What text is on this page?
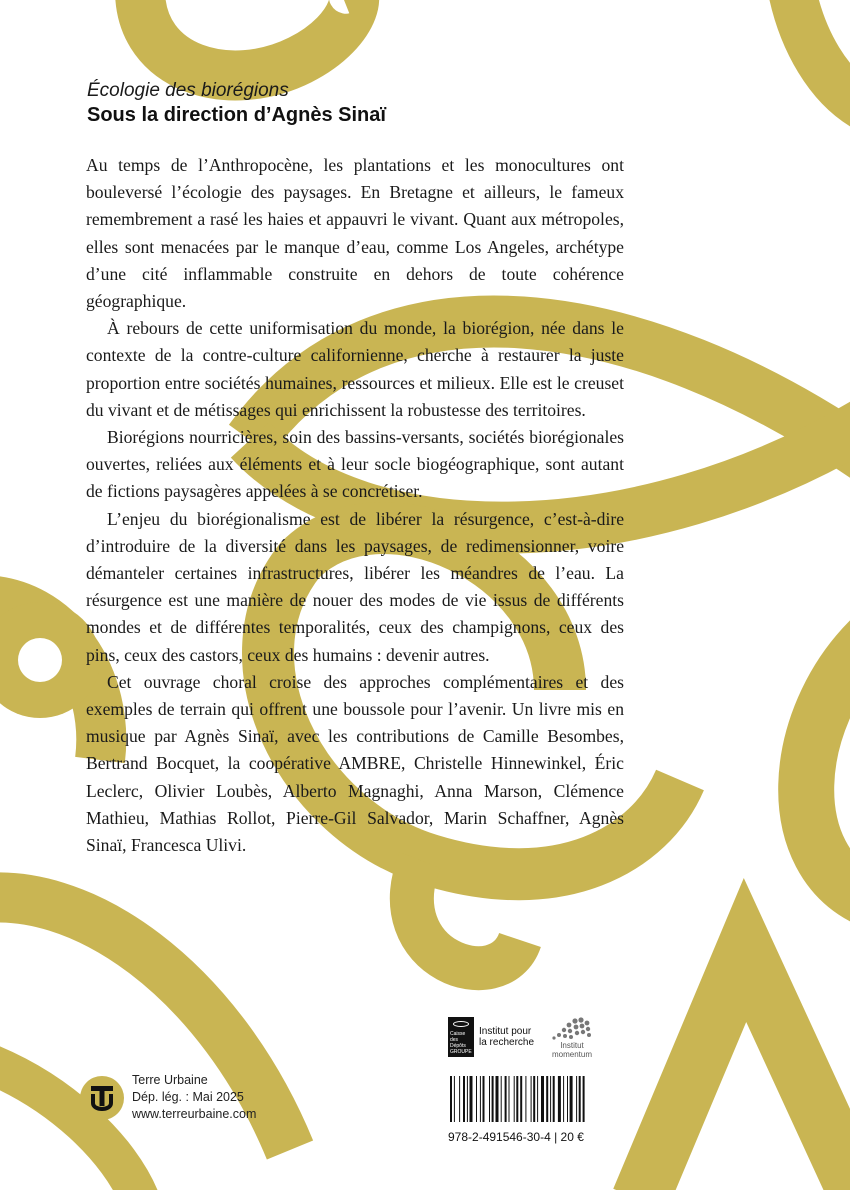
Écologie des biorégions
Sous la direction d’Agnès Sinaï

Au temps de l’Anthropocène, les plantations et les monocultures ont bouleversé l’écologie des paysages. En Bretagne et ailleurs, le fameux remembrement a rasé les haies et appauvri le vivant. Quant aux métropoles, elles sont menacées par le manque d’eau, comme Los Angeles, archétype d’une cité inflammable construite en dehors de toute cohérence géographique.

À rebours de cette uniformisation du monde, la biorégion, née dans le contexte de la contre-culture californienne, cherche à restaurer la juste proportion entre sociétés humaines, ressources et milieux. Elle est le creuset du vivant et de métissages qui enrichissent la robustesse des territoires.

Biorégions nourricières, soin des bassins-versants, sociétés biorégionales ouvertes, reliées aux éléments et à leur socle biogéographique, sont autant de fictions paysagères appelées à se concrétiser.

L’enjeu du biorégionalisme est de libérer la résurgence, c’est-à-dire d’introduire de la diversité dans les paysages, de redimensionner, voire démanteler certaines infrastructures, libérer les méandres de l’eau. La résurgence est une manière de nouer des modes de vie issus de différents mondes et de différentes temporalités, ceux des champignons, ceux des pins, ceux des castors, ceux des humains : devenir autres.

Cet ouvrage choral croise des approches complémentaires et des exemples de terrain qui offrent une boussole pour l’avenir. Un livre mis en musique par Agnès Sinaï, avec les contributions de Camille Besombes, Bertrand Bocquet, la coopérative AMBRE, Christelle Hinnewinkel, Éric Leclerc, Olivier Loubès, Alberto Magnaghi, Anna Marson, Clémence Mathieu, Mathias Rollot, Pierre-Gil Salvador, Marin Schaffner, Agnès Sinaï, Francesca Ulivi.

Terre Urbaine
Dép. lég. : Mai 2025
www.terreurbaine.com
Caisse
des Dépôts
GROUPE
Institut pour la recherche	Institut
momentum
978-2-491546-30-4 | 20 €
